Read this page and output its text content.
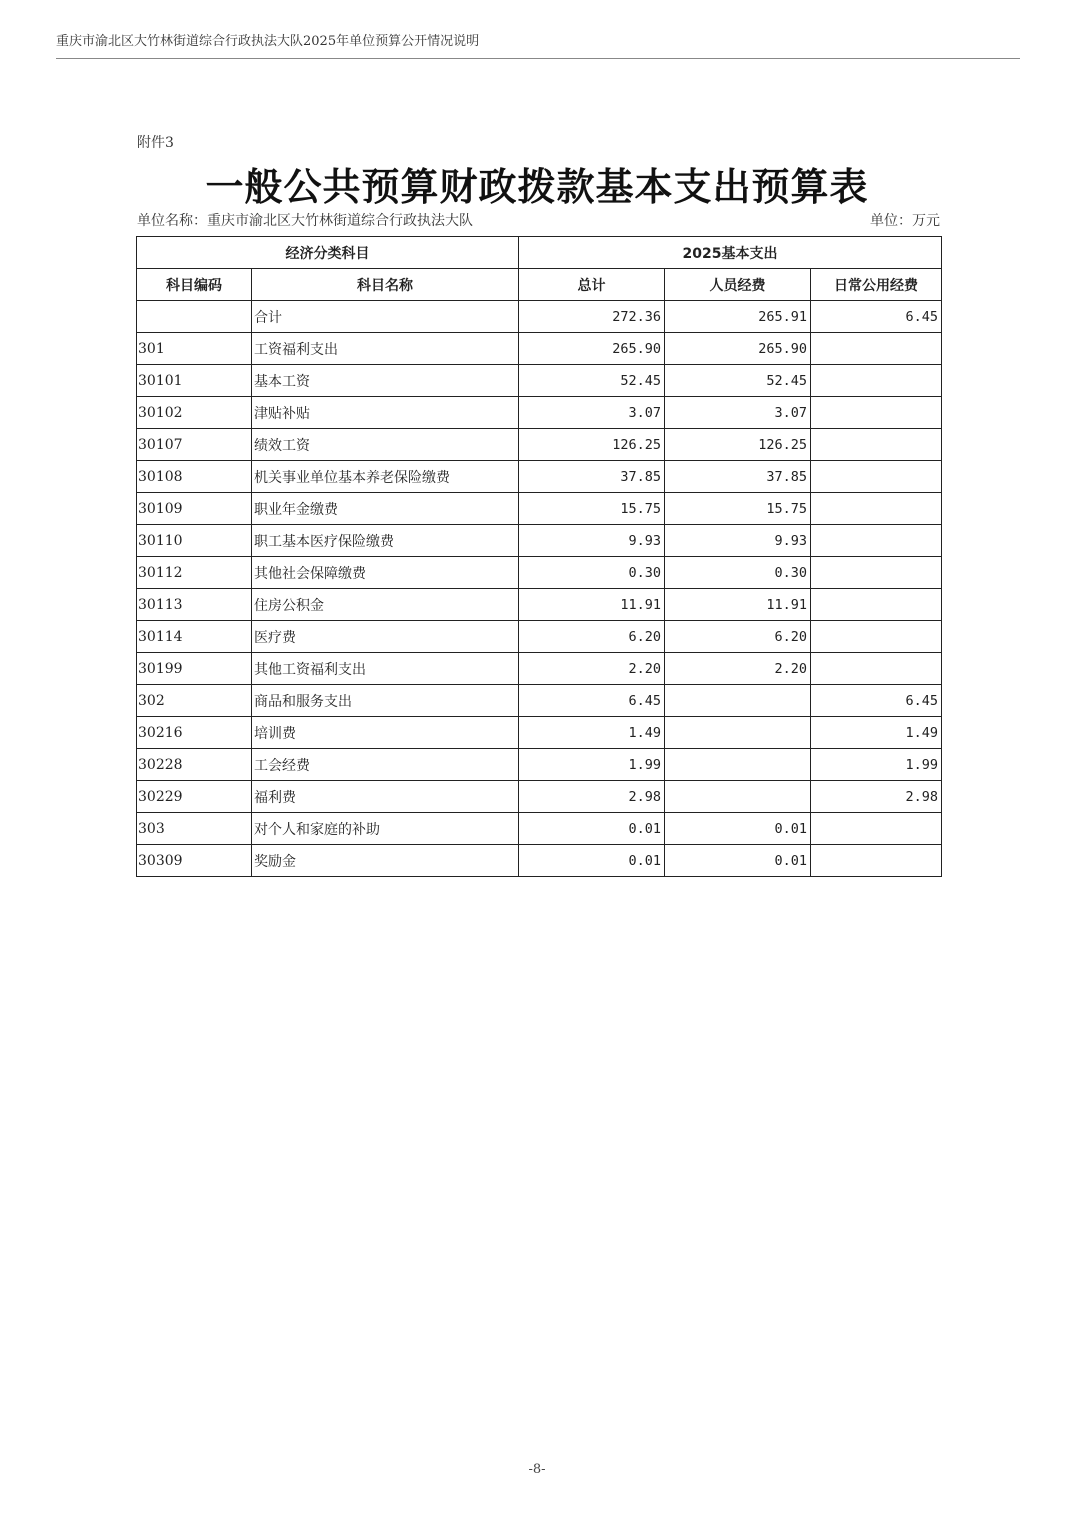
重庆市渝北区大竹林街道综合行政执法大队2025年单位预算公开情况说明
附件3
一般公共预算财政拨款基本支出预算表
单位名称：重庆市渝北区大竹林街道综合行政执法大队	单位：万元
经济分类科目		2025基本支出		
科目编码	科目名称	总计	人员经费	日常公用经费
	合计	272.36	265.91	6.45
301	工资福利支出	265.90	265.90	
30101	基本工资	52.45	52.45	
30102	津贴补贴	3.07	3.07	
30107	绩效工资	126.25	126.25	
30108	机关事业单位基本养老保险缴费	37.85	37.85	
30109	职业年金缴费	15.75	15.75	
30110	职工基本医疗保险缴费	9.93	9.93	
30112	其他社会保障缴费	0.30	0.30	
30113	住房公积金	11.91	11.91	
30114	医疗费	6.20	6.20	
30199	其他工资福利支出	2.20	2.20	
302	商品和服务支出	6.45		6.45
30216	培训费	1.49		1.49
30228	工会经费	1.99		1.99
30229	福利费	2.98		2.98
303	对个人和家庭的补助	0.01	0.01	
30309	奖励金	0.01	0.01	
-8-
